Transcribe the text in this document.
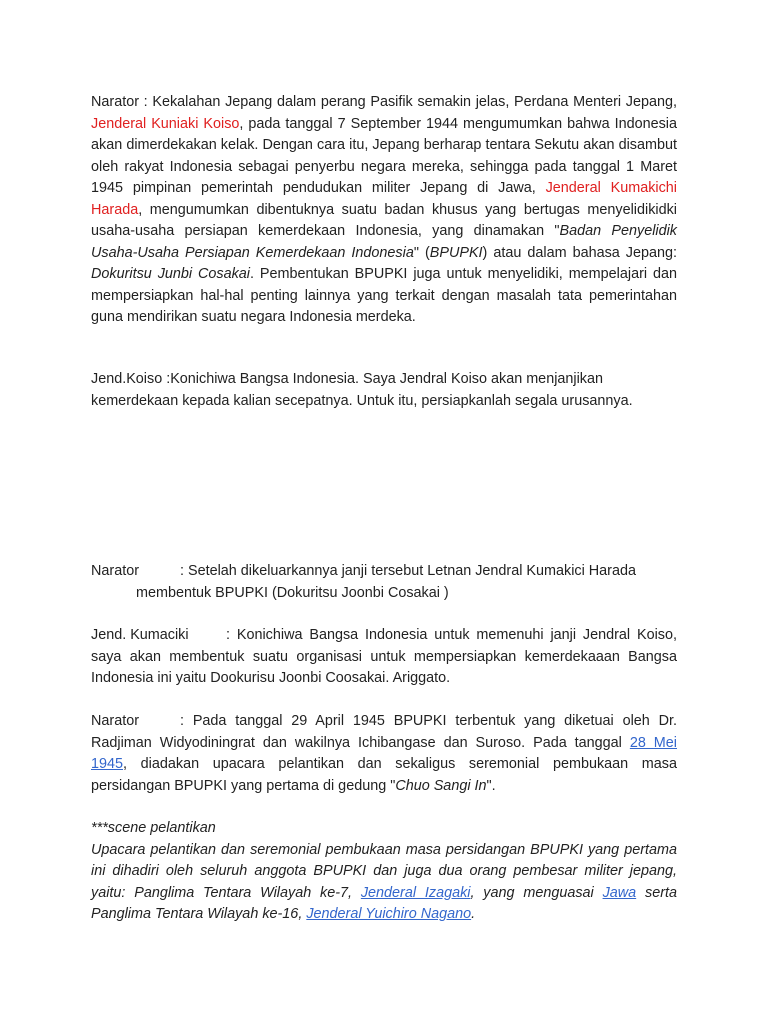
Narator : Kekalahan Jepang dalam perang Pasifik semakin jelas, Perdana Menteri Jepang, Jenderal Kuniaki Koiso, pada tanggal 7 September 1944 mengumumkan bahwa Indonesia akan dimerdekakan kelak. Dengan cara itu, Jepang berharap tentara Sekutu akan disambut oleh rakyat Indonesia sebagai penyerbu negara mereka, sehingga pada tanggal 1 Maret 1945 pimpinan pemerintah pendudukan militer Jepang di Jawa, Jenderal Kumakichi Harada, mengumumkan dibentuknya suatu badan khusus yang bertugas menyelidikidki usaha-usaha persiapan kemerdekaan Indonesia, yang dinamakan "Badan Penyelidik Usaha-Usaha Persiapan Kemerdekaan Indonesia" (BPUPKI) atau dalam bahasa Jepang: Dokuritsu Junbi Cosakai. Pembentukan BPUPKI juga untuk menyelidiki, mempelajari dan mempersiapkan hal-hal penting lainnya yang terkait dengan masalah tata pemerintahan guna mendirikan suatu negara Indonesia merdeka.

Jend.Koiso :Konichiwa Bangsa Indonesia. Saya Jendral Koiso akan menjanjikan kemerdekaan kepada kalian secepatnya. Untuk itu, persiapkanlah segala urusannya.

Narator	: Setelah dikeluarkannya janji tersebut Letnan Jendral Kumakici Harada
membentuk BPUPKI (Dokuritsu Joonbi Cosakai )

Jend. Kumaciki	: Konichiwa Bangsa Indonesia untuk memenuhi janji Jendral Koiso, saya akan membentuk suatu organisasi untuk mempersiapkan kemerdekaaan Bangsa Indonesia ini yaitu Dookurisu Joonbi Coosakai. Ariggato.

Narator	: Pada tanggal 29 April 1945 BPUPKI terbentuk yang diketuai oleh Dr. Radjiman Widyodiningrat dan wakilnya Ichibangase dan Suroso. Pada tanggal 28 Mei 1945, diadakan upacara pelantikan dan sekaligus seremonial pembukaan masa persidangan BPUPKI yang pertama di gedung "Chuo Sangi In".

***scene pelantikan
Upacara pelantikan dan seremonial pembukaan masa persidangan BPUPKI yang pertama ini dihadiri oleh seluruh anggota BPUPKI dan juga dua orang pembesar militer jepang, yaitu: Panglima Tentara Wilayah ke-7, Jenderal Izagaki, yang menguasai Jawa serta Panglima Tentara Wilayah ke-16, Jenderal Yuichiro Nagano.
